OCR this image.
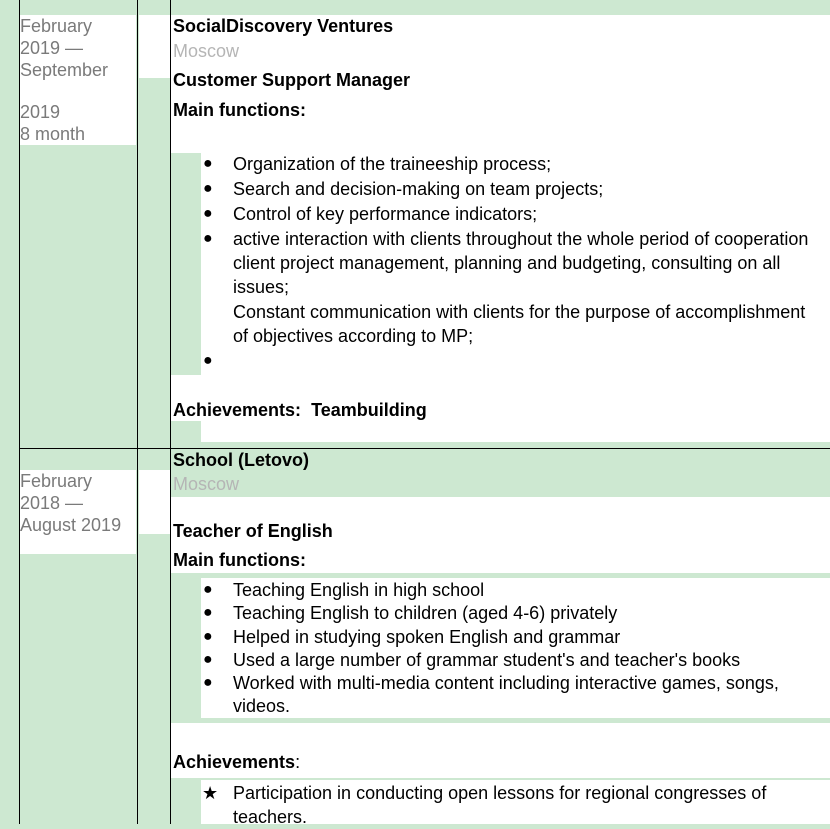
February
2019 —
September
2019
8 month
SocialDiscovery Ventures
Moscow
Customer Support Manager
Main functions:
● Organization of the traineeship process;
● Search and decision-making on team projects;
● Control of key performance indicators;
● active interaction with clients throughout the whole period of cooperation
client project management, planning and budgeting, consulting on all
issues;
Constant communication with clients for the purpose of accomplishment
of objectives according to MP;
●
Achievements: Teambuilding
February
2018 —
August 2019
School (Letovo)
Moscow
Teacher of English
Main functions:
● Teaching English in high school
● Teaching English to children (aged 4-6) privately
● Helped in studying spoken English and grammar
● Used a large number of grammar student's and teacher's books
● Worked with multi-media content including interactive games, songs,
videos.
Achievements:
★ Participation in conducting open lessons for regional congresses of
teachers.
